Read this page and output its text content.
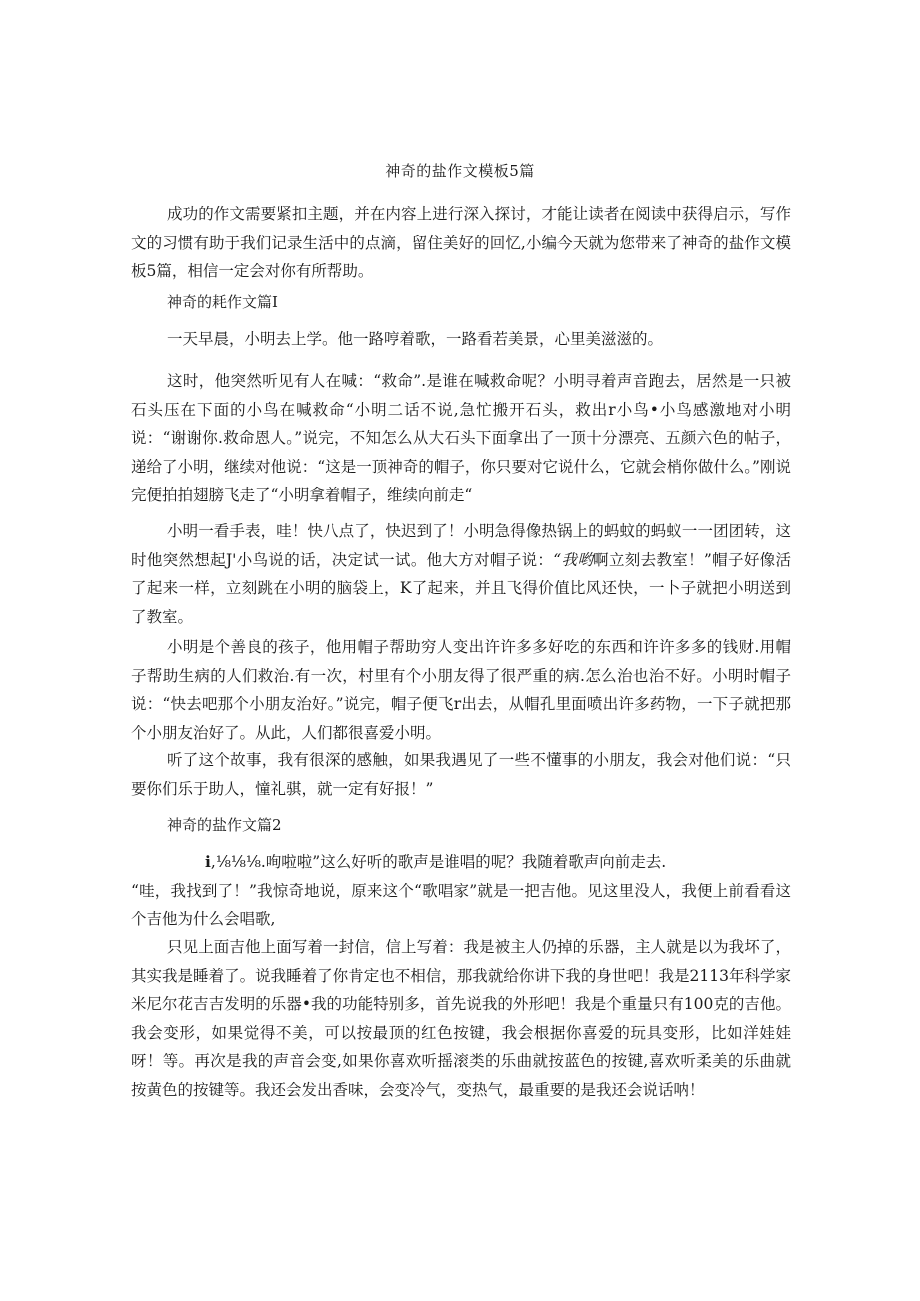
神奇的盐作文模板5篇

成功的作文需要紧扣主题，并在内容上进行深入探讨，才能让读者在阅读中获得启示，写作文的习惯有助于我们记录生活中的点滴，留住美好的回忆,小编今天就为您带来了神奇的盐作文模板5篇，相信一定会对你有所帮助。

神奇的耗作文篇I

一天早晨，小明去上学。他一路哼着歌，一路看若美景，心里美滋滋的。

这时，他突然听见有人在喊：“救命”.是谁在喊救命呢？小明寻着声音跑去，居然是一只被石头压在下面的小鸟在喊救命“小明二话不说,急忙搬开石头，救出r小鸟•小鸟感激地对小明说：“谢谢你.救命恩人。”说完，不知怎么从大石头下面拿出了一顶十分漂亮、五颜六色的帖子，递给了小明，继续对他说：“这是一顶神奇的帽子，你只要对它说什么，它就会梢你做什么。”刚说完便拍拍翅膀飞走了“小明拿着帽子，维续向前走“

小明一看手表，哇！快八点了，快迟到了！小明急得像热锅上的蚂蚊的蚂蚁一一团团转，这时他突然想起J'小鸟说的话，决定试一试。他大方对帽子说：“我哟啊立刻去教室！”帽子好像活了起来一样，立刻跳在小明的脑袋上，K了起来，并且飞得价值比风还快，一卜子就把小明送到了教室。

小明是个善良的孩子，他用帽子帮助穷人变出许许多多好吃的东西和许许多多的钱财.用帽子帮助生病的人们救治.有一次，村里有个小朋友得了很严重的病.怎么治也治不好。小明时帽子说：“快去吧那个小朋友治好。”说完，帽子便飞r出去，从帽孔里面喷出许多药物，一下子就把那个小朋友治好了。从此，人们都很喜爱小明。

听了这个故事，我有很深的感触，如果我遇见了一些不懂事的小朋友，我会对他们说：“只要你们乐于助人，憧礼骐，就一定有好报！”

神奇的盐作文篇2

ℹ,⅛⅛⅛.咰啦啦”这么好听的歌声是谁唱的呢？我随着歌声向前走去.

“哇，我找到了！”我惊奇地说，原来这个“歌唱家”就是一把吉他。见这里没人，我便上前看看这个吉他为什么会唱歌,

只见上面吉他上面写着一封信，信上写着：我是被主人仍掉的乐器，主人就是以为我坏了，其实我是睡着了。说我睡着了你肯定也不相信，那我就给你讲下我的身世吧！我是2113年科学家米尼尔花吉吉发明的乐器•我的功能特别多，首先说我的外形吧！我是个重量只有100克的吉他。我会变形，如果觉得不美，可以按最顶的红色按键，我会根据你喜爱的玩具变形，比如洋娃娃呀！等。再次是我的声音会变,如果你喜欢听摇滚类的乐曲就按蓝色的按键,喜欢听柔美的乐曲就按黄色的按键等。我还会发出香味，会变冷气，变热气，最重要的是我还会说话呐！
